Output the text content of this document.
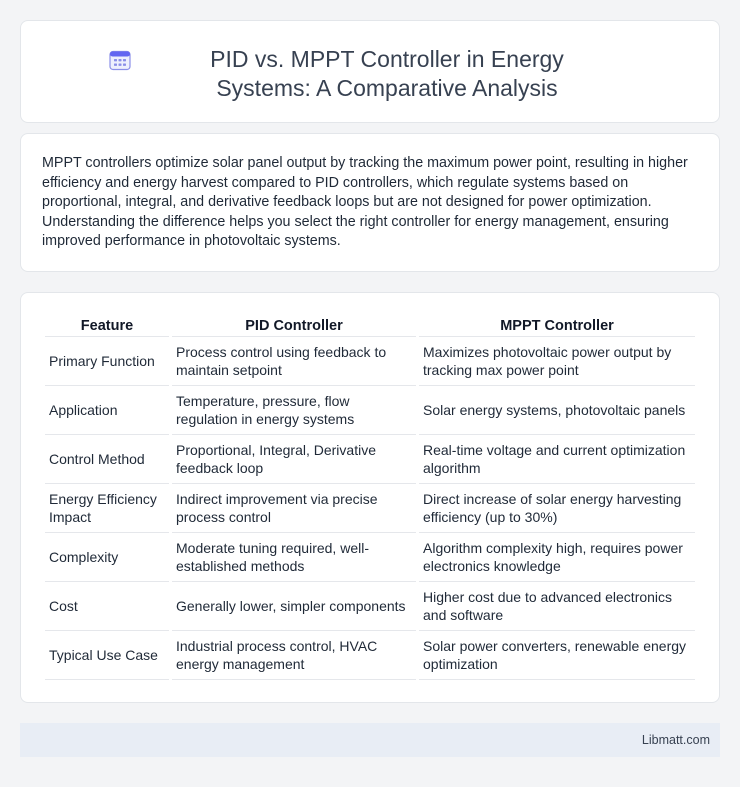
PID vs. MPPT Controller in Energy Systems: A Comparative Analysis

MPPT controllers optimize solar panel output by tracking the maximum power point, resulting in higher efficiency and energy harvest compared to PID controllers, which regulate systems based on proportional, integral, and derivative feedback loops but are not designed for power optimization. Understanding the difference helps you select the right controller for energy management, ensuring improved performance in photovoltaic systems.

Feature	PID Controller	MPPT Controller
Primary Function	Process control using feedback to maintain setpoint	Maximizes photovoltaic power output by tracking max power point
Application	Temperature, pressure, flow regulation in energy systems	Solar energy systems, photovoltaic panels
Control Method	Proportional, Integral, Derivative feedback loop	Real-time voltage and current optimization algorithm
Energy Efficiency Impact	Indirect improvement via precise process control	Direct increase of solar energy harvesting efficiency (up to 30%)
Complexity	Moderate tuning required, well-established methods	Algorithm complexity high, requires power electronics knowledge
Cost	Generally lower, simpler components	Higher cost due to advanced electronics and software
Typical Use Case	Industrial process control, HVAC energy management	Solar power converters, renewable energy optimization
Libmatt.com
